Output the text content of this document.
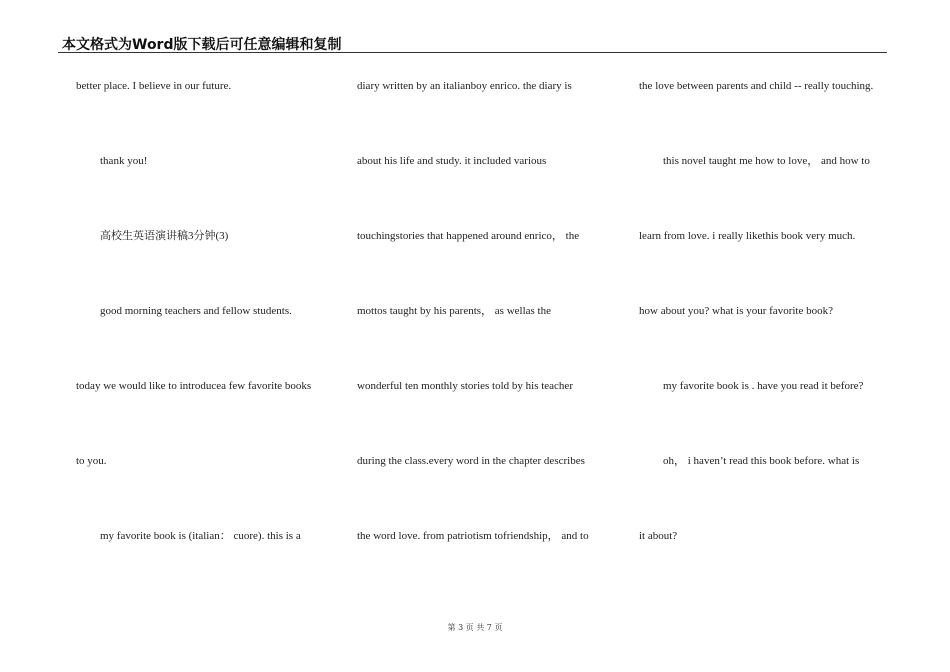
本文格式为Word版下载后可任意编辑和复制
better place. I believe in our future.
thank you!
高校生英语演讲稿3分钟(3)
good morning teachers and fellow students.
today we would like to introducea few favorite books
to you.
my favorite book is (italian： cuore). this is a
diary written by an italianboy enrico. the diary is
about his life and study. it included various
touchingstories that happened around enrico， the
mottos taught by his parents， as wellas the
wonderful ten monthly stories told by his teacher
during the class.every word in the chapter describes
the word love. from patriotism tofriendship， and to
the love between parents and child -- really touching.
this novel taught me how to love， and how to
learn from love. i really likethis book very much.
how about you? what is your favorite book?
my favorite book is . have you read it before?
oh， i haven’t read this book before. what is
it about?
第 3 页 共 7 页
